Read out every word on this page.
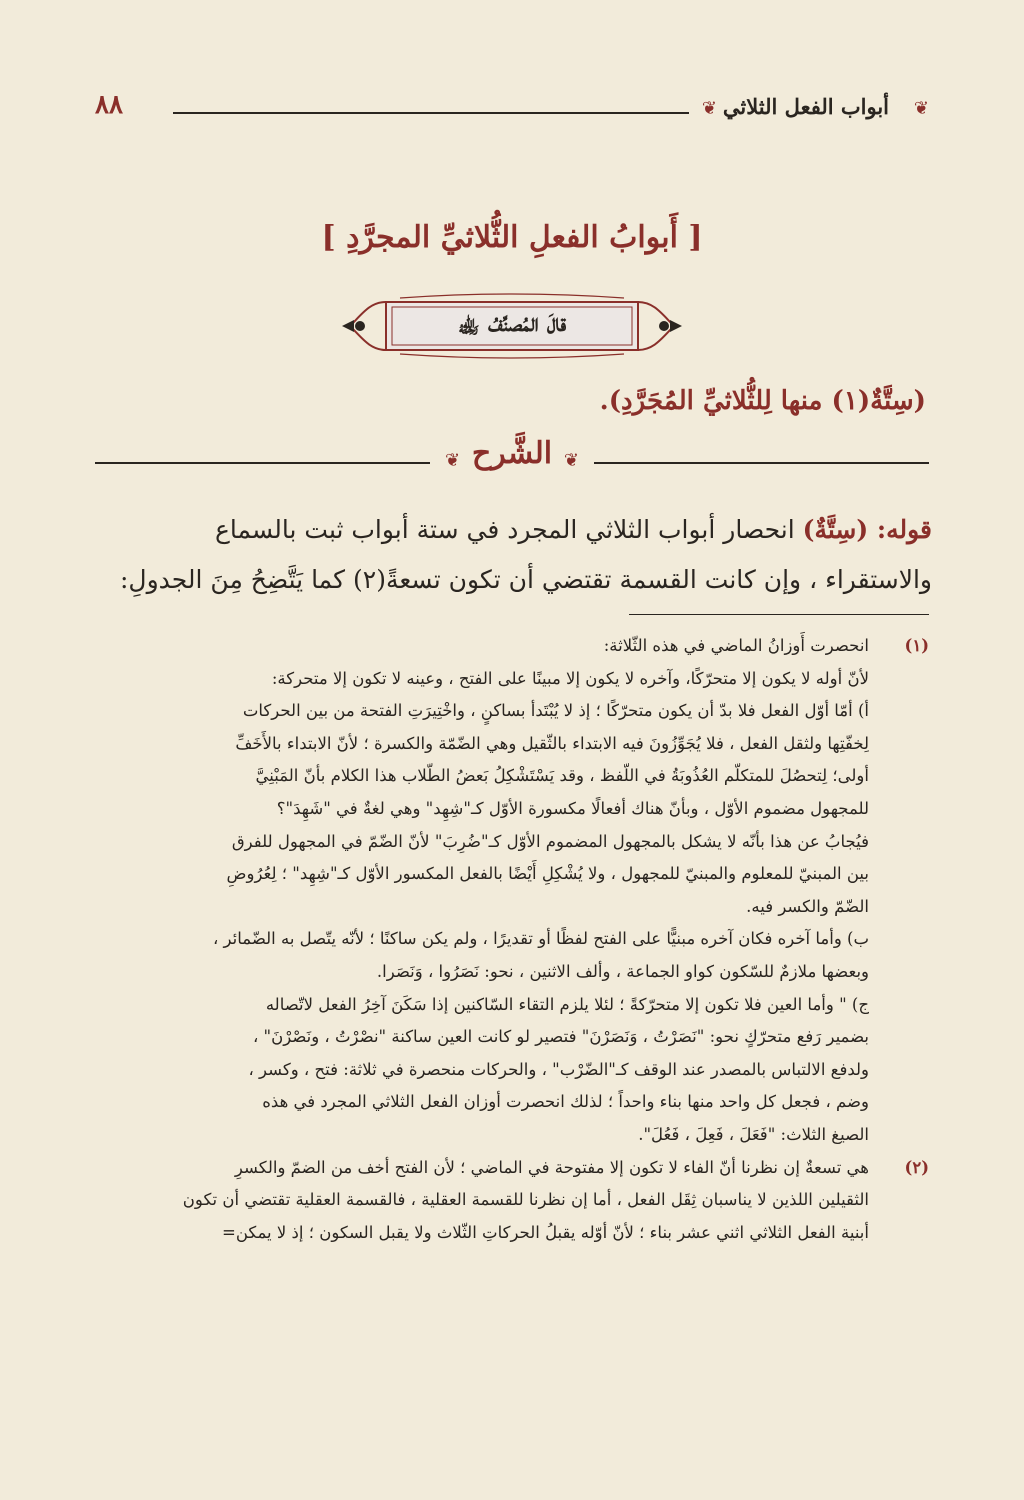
❦
أبواب الفعل الثلاثي
❦
٨٨
[ أَبوابُ الفعلِ الثُّلاثيِّ المجرَّدِ ]
قالَ المُصنِّفُ ﵀
(سِتَّةٌ(١) منها لِلثُّلاثيِّ المُجَرَّدِ).
❦ الشَّرح ❦
قوله: (سِتَّةٌ) انحصار أبواب الثلاثي المجرد في ستة أبواب ثبت بالسماع
والاستقراء ، وإن كانت القسمة تقتضي أن تكون تسعةً(٢) كما يَتَّضِحُ مِنَ الجدولِ:
(١)
انحصرت أَوزانُ الماضي في هذه الثّلاثة:
لأنّ أوله لا يكون إلا متحرّكًا، وآخره لا يكون إلا مبينًا على الفتح ، وعينه لا تكون إلا متحركة:
أ) أمّا أوّل الفعل فلا بدّ أن يكون متحرّكًا ؛ إذ لا يُبْتَدأ بساكنٍ ، واخْتِيرَتِ الفتحة من بين الحركات
لِخفّتِها ولثقل الفعل ، فلا يُجَوِّزُونَ فيه الابتداء بالثّقيل وهي الضّمّة والكسرة ؛ لأنّ الابتداء بالأَخَفِّ
أولى؛ لِتحصُلَ للمتكلّم العُذُوبَةُ في اللّفظ ، وقد يَسْتَشْكِلُ بَعضُ الطّلاب هذا الكلام بأنّ المَبْنِيَّ
للمجهول مضموم الأوّل ، وبأنّ هناك أفعالًا مكسورة الأوّل كـ"شِهِد" وهي لغةٌ في "شَهِدَ"؟
فيُجابُ عن هذا بأنّه لا يشكل بالمجهول المضموم الأوّل كـ"ضُرِبَ" لأنّ الضّمّ في المجهول للفرق
بين المبنيّ للمعلوم والمبنيّ للمجهول ، ولا يُشْكِلِ أَيْضًا بالفعل المكسور الأوّل كـ"شِهِد" ؛ لِعُرُوضِ
الضّمّ والكسر فيه.
ب) وأما آخره فكان آخره مبنيًّا على الفتح لفظًا أو تقديرًا ، ولم يكن ساكنًا ؛ لأنّه يتّصل به الضّمائر ،
وبعضها ملازمٌ للسّكون كواو الجماعة ، وألف الاثنين ، نحو: نَصَرُوا ، وَنَصَرا.
ج) " وأما العين فلا تكون إلا متحرّكةً ؛ لئلا يلزم التقاء السّاكنين إذا سَكَنَ آخِرُ الفعل لاتّصاله
بضمير رَفع متحرّكٍ نحو: "نَصَرْتُ ، وَنَصَرْنَ" فتصير لو كانت العين ساكنة "نصْرْتُ ، ونَصْرْنَ" ،
ولدفع الالتباس بالمصدر عند الوقف كـ"الضّرْب" ، والحركات منحصرة في ثلاثة: فتح ، وكسر ،
وضم ، فجعل كل واحد منها بناء واحداً ؛ لذلك انحصرت أوزان الفعل الثلاثي المجرد في هذه
الصيغ الثلاث: "فَعَلَ ، فَعِلَ ، فَعُلَ".
(٢)
هي تسعةٌ إن نظرنا أنّ الفاء لا تكون إلا مفتوحة في الماضي ؛ لأن الفتح أخف من الضمّ والكسرِ
الثقيلين اللذين لا يناسبان ثِقَل الفعل ، أما إن نظرنا للقسمة العقلية ، فالقسمة العقلية تقتضي أن تكون
أبنية الفعل الثلاثي اثني عشر بناء ؛ لأنّ أوّله يقبلُ الحركاتِ الثّلاث ولا يقبل السكون ؛ إذ لا يمكن=
